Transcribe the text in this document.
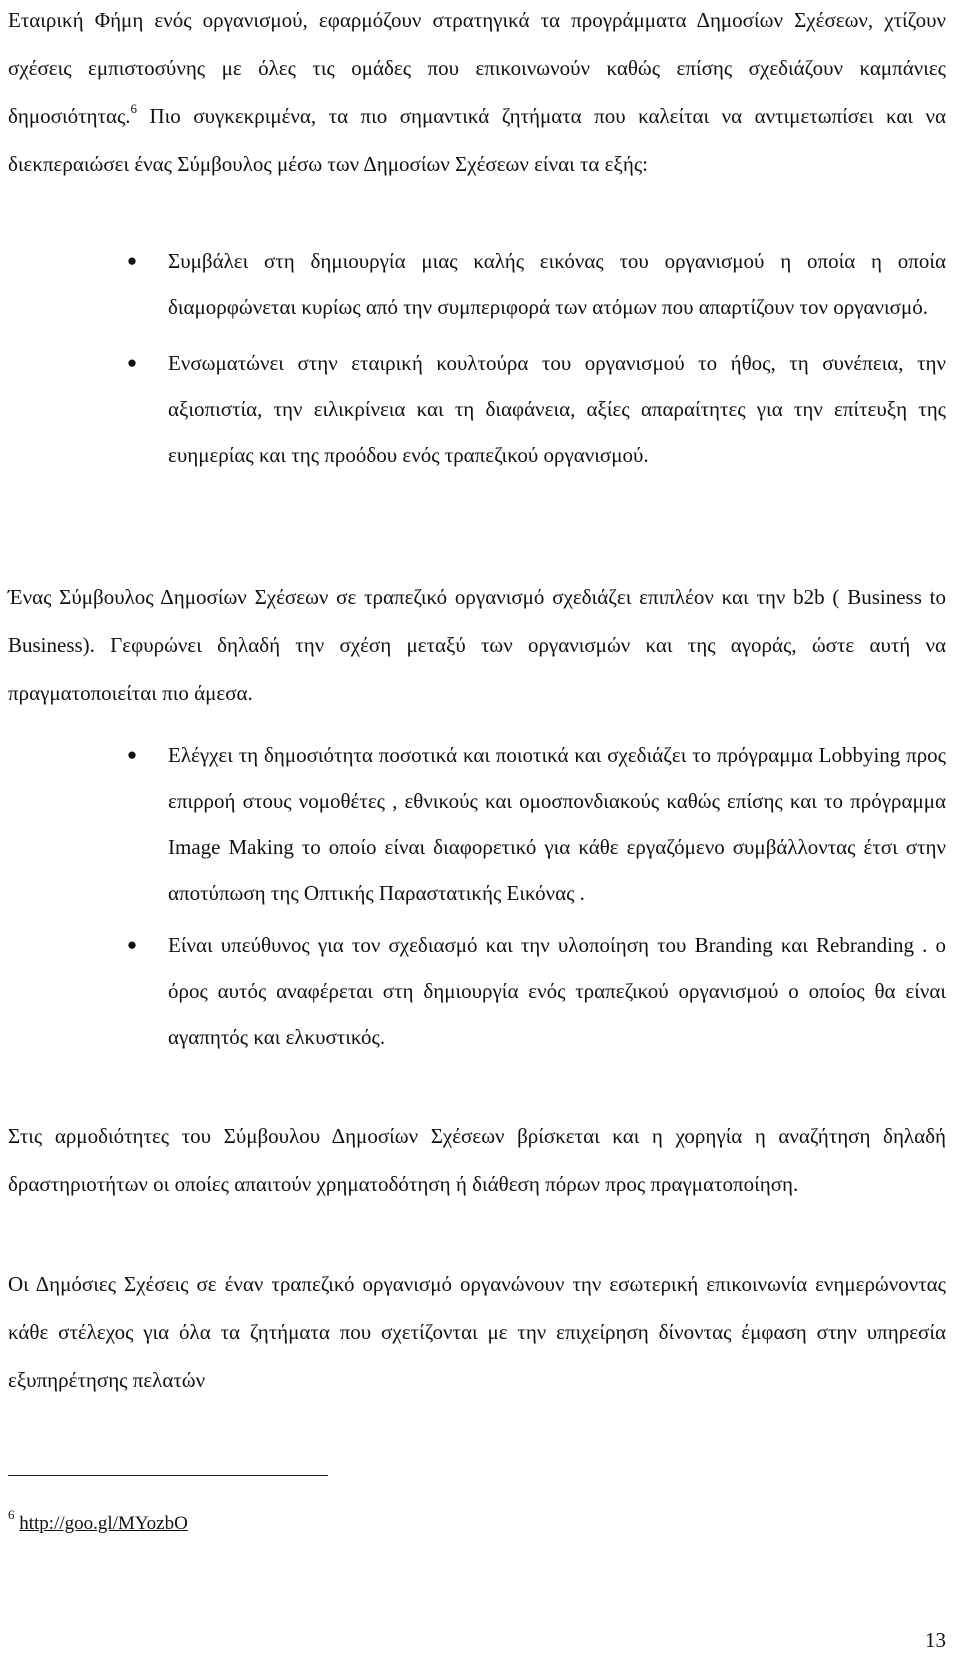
Εταιρική Φήμη ενός οργανισμού, εφαρμόζουν στρατηγικά τα προγράμματα Δημοσίων Σχέσεων, χτίζουν σχέσεις εμπιστοσύνης με όλες τις ομάδες που επικοινωνούν καθώς επίσης σχεδιάζουν καμπάνιες δημοσιότητας.$^6$ Πιο συγκεκριμένα, τα πιο σημαντικά ζητήματα που καλείται να αντιμετωπίσει και να διεκπεραιώσει ένας Σύμβουλος μέσω των Δημοσίων Σχέσεων είναι τα εξής:

● Συμβάλει στη δημιουργία μιας καλής εικόνας του οργανισμού η οποία η οποία διαμορφώνεται κυρίως από την συμπεριφορά των ατόμων που απαρτίζουν τον οργανισμό.
● Ενσωματώνει στην εταιρική κουλτούρα του οργανισμού το ήθος, τη συνέπεια, την αξιοπιστία, την ειλικρίνεια και τη διαφάνεια, αξίες απαραίτητες για την επίτευξη της ευημερίας και της προόδου ενός τραπεζικού οργανισμού.

Ένας Σύμβουλος Δημοσίων Σχέσεων σε τραπεζικό οργανισμό σχεδιάζει επιπλέον και την b2b ( Business to Business). Γεφυρώνει δηλαδή την σχέση μεταξύ των οργανισμών και της αγοράς, ώστε αυτή να πραγματοποιείται πιο άμεσα.

● Ελέγχει τη δημοσιότητα ποσοτικά και ποιοτικά και σχεδιάζει το πρόγραμμα Lobbying προς επιρροή στους νομοθέτες , εθνικούς και ομοσπονδιακούς καθώς επίσης και το πρόγραμμα Image Making το οποίο είναι διαφορετικό για κάθε εργαζόμενο συμβάλλοντας έτσι στην αποτύπωση της Οπτικής Παραστατικής Εικόνας .
● Είναι υπεύθυνος για τον σχεδιασμό και την υλοποίηση του Branding και Rebranding . ο όρος αυτός αναφέρεται στη δημιουργία ενός τραπεζικού οργανισμού ο οποίος θα είναι αγαπητός και ελκυστικός.

Στις αρμοδιότητες του Σύμβουλου Δημοσίων Σχέσεων βρίσκεται και η χορηγία η αναζήτηση δηλαδή δραστηριοτήτων οι οποίες απαιτούν χρηματοδότηση ή διάθεση πόρων προς πραγματοποίηση.

Οι Δημόσιες Σχέσεις σε έναν τραπεζικό οργανισμό οργανώνουν την εσωτερική επικοινωνία ενημερώνοντας κάθε στέλεχος για όλα τα ζητήματα που σχετίζονται με την επιχείρηση δίνοντας έμφαση στην υπηρεσία εξυπηρέτησης πελατών

$^6$ http://goo.gl/MYozbO

13
